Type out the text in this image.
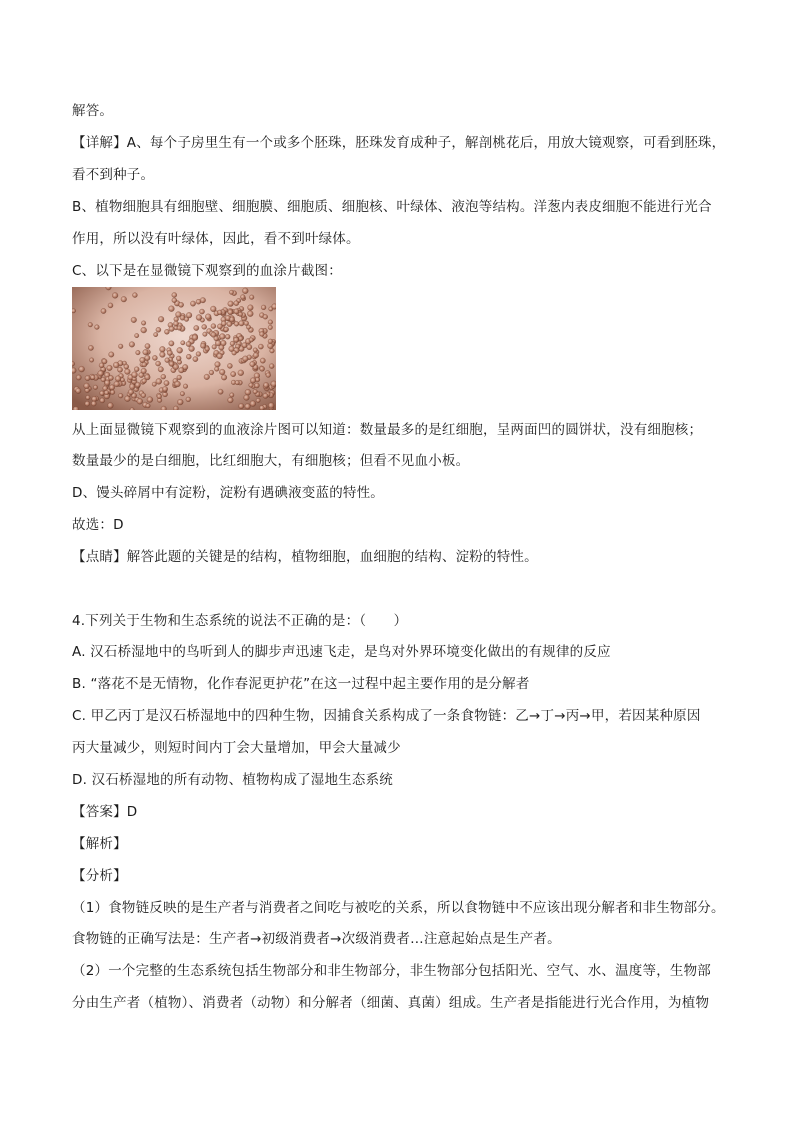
解答。
【详解】A、每个子房里生有一个或多个胚珠，胚珠发育成种子，解剖桃花后，用放大镜观察，可看到胚珠，
看不到种子。
B、植物细胞具有细胞壁、细胞膜、细胞质、细胞核、叶绿体、液泡等结构。洋葱内表皮细胞不能进行光合
作用，所以没有叶绿体，因此，看不到叶绿体。
C、以下是在显微镜下观察到的血涂片截图：
从上面显微镜下观察到的血液涂片图可以知道：数量最多的是红细胞，呈两面凹的圆饼状，没有细胞核；
数量最少的是白细胞，比红细胞大，有细胞核；但看不见血小板。
D、馒头碎屑中有淀粉，淀粉有遇碘液变蓝的特性。
故选：D
【点睛】解答此题的关键是的结构，植物细胞，血细胞的结构、淀粉的特性。
4.下列关于生物和生态系统的说法不正确的是：（　　）
A. 汉石桥湿地中的鸟听到人的脚步声迅速飞走，是鸟对外界环境变化做出的有规律的反应
B. “落花不是无情物，化作春泥更护花”在这一过程中起主要作用的是分解者
C. 甲乙丙丁是汉石桥湿地中的四种生物，因捕食关系构成了一条食物链：乙→丁→丙→甲，若因某种原因
丙大量减少，则短时间内丁会大量增加，甲会大量减少
D. 汉石桥湿地的所有动物、植物构成了湿地生态系统
【答案】D
【解析】
【分析】
（1）食物链反映的是生产者与消费者之间吃与被吃的关系，所以食物链中不应该出现分解者和非生物部分。
食物链的正确写法是：生产者→初级消费者→次级消费者…注意起始点是生产者。
（2）一个完整的生态系统包括生物部分和非生物部分，非生物部分包括阳光、空气、水、温度等，生物部
分由生产者（植物）、消费者（动物）和分解者（细菌、真菌）组成。生产者是指能进行光合作用，为植物
